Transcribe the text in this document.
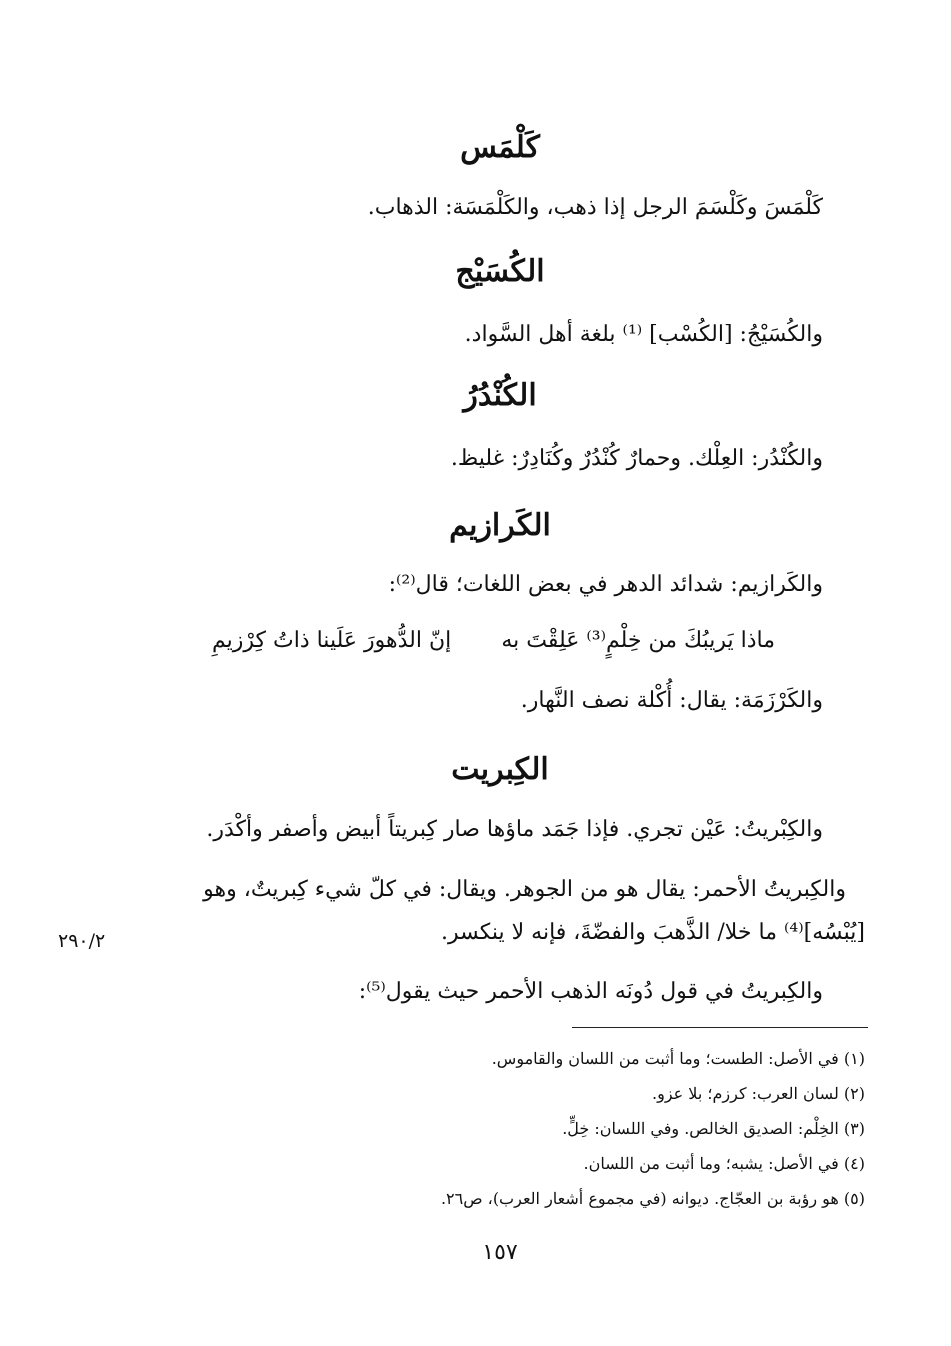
كَلْمَس
كَلْمَسَ وكَلْسَمَ الرجل إذا ذهب، والكَلْمَسَة: الذهاب.
الكُسَيْج
والكُسَيْجُ: [الكُسْب] ⁽¹⁾ بلغة أهل السَّواد.
الكُنْدُرُ
والكُنْدُر: العِلْك. وحمارٌ كُنْدُرٌ وكُنَادِرٌ: غليظ.
الكَرازيم
والكَرازيم: شدائد الدهر في بعض اللغات؛ قال⁽²⁾:
ماذا يَريبُكَ من خِلْمٍ⁽³⁾ عَلِقْتَ به
إنّ الدُّهورَ عَلَينا ذاتُ كِرْزيمِ
والكَرْزَمَة: يقال: أُكْلة نصف النَّهار.
الكِبريت
والكِبْريتُ: عَيْن تجري. فإذا جَمَد ماؤها صار كِبريتاً أبيض وأصفر وأكْدَر.
والكِبريتُ الأحمر: يقال هو من الجوهر. ويقال: في كلّ شيء كِبريتٌ، وهو
[يُبْسُه]⁽⁴⁾ ما خلا/ الذَّهبَ والفضّةَ، فإنه لا ينكسر.
والكِبريتُ في قول دُونَه الذهب الأحمر حيث يقول⁽⁵⁾:
٢٩٠/٢
(١) في الأصل: الطست؛ وما أثبت من اللسان والقاموس.
(٢) لسان العرب: كرزم؛ بلا عزو.
(٣) الخِلْم: الصديق الخالص. وفي اللسان: خِلٍّ.
(٤) في الأصل: يشبه؛ وما أثبت من اللسان.
(٥) هو رؤبة بن العجّاج. ديوانه (في مجموع أشعار العرب)، ص٢٦.
١٥٧
